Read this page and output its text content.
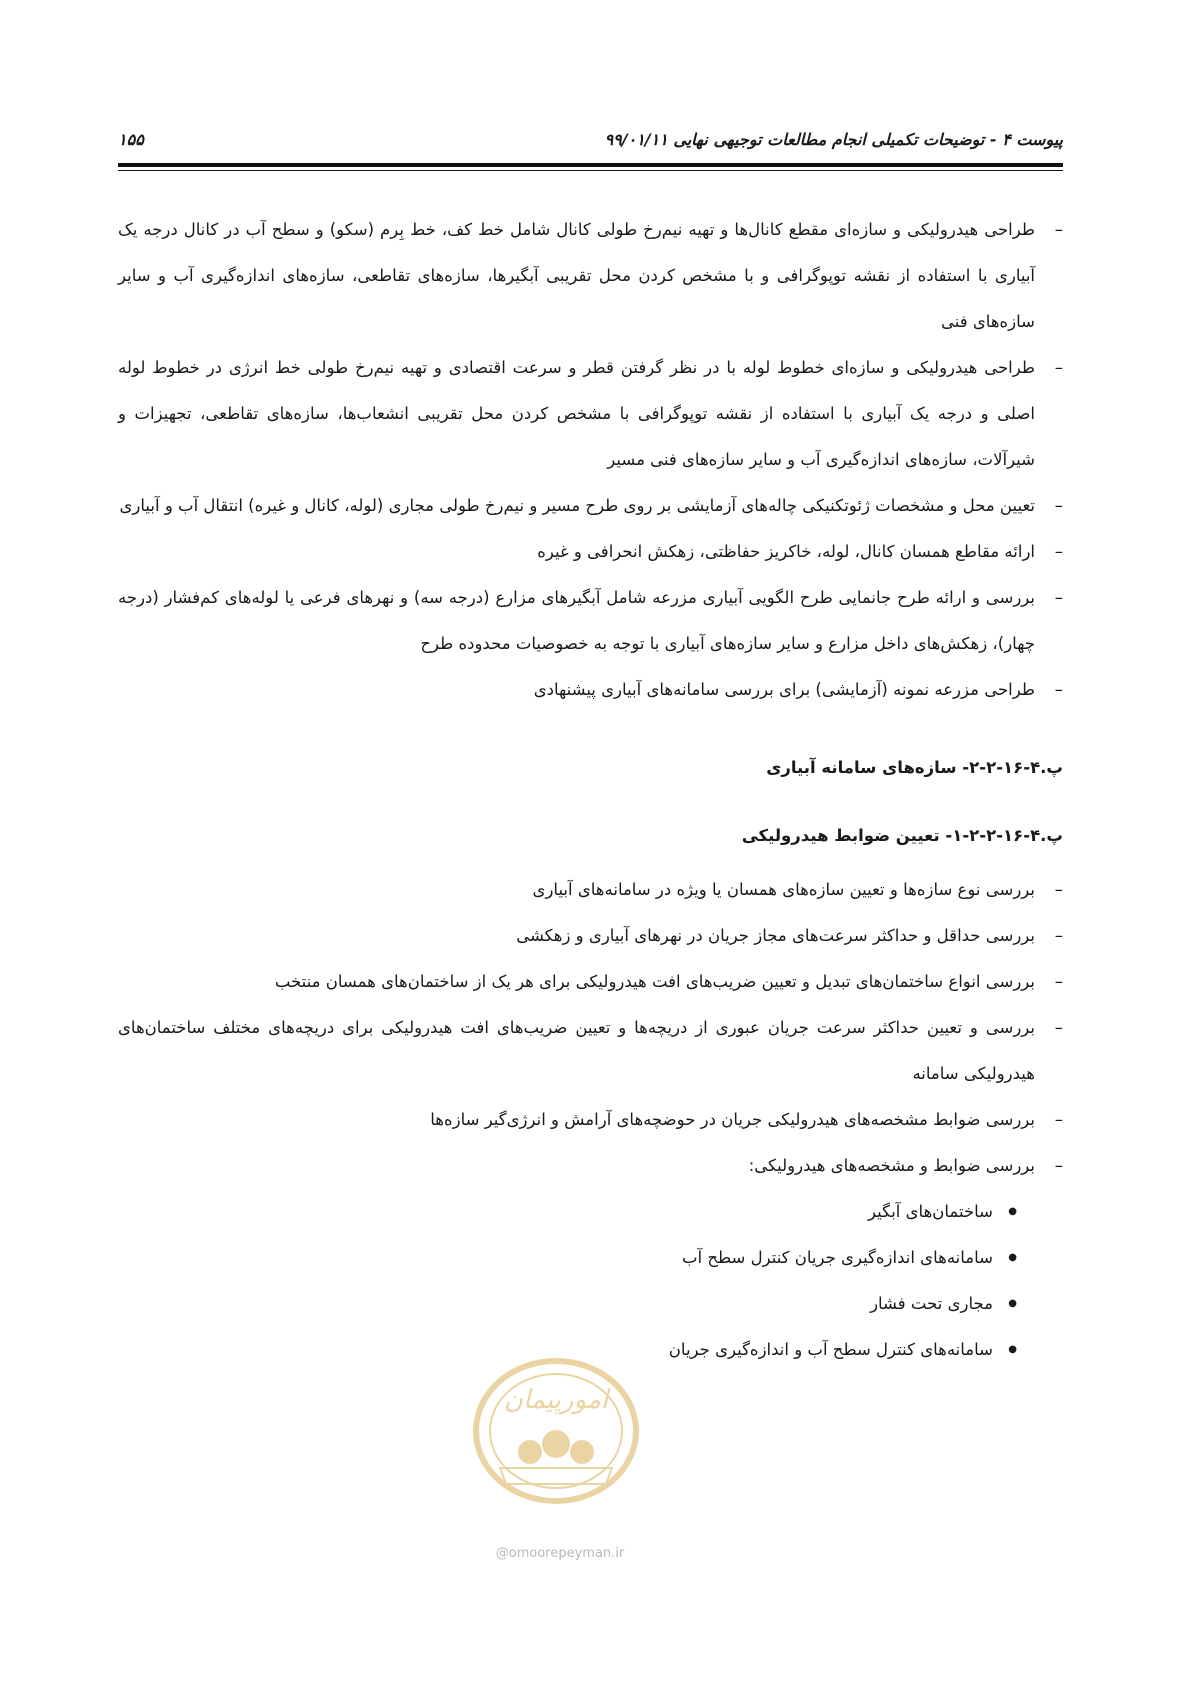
پیوست ۴ - توضیحات تکمیلی انجام مطالعات توجیهی نهایی ۹۹/۰۱/۱۱
۱۵۵
– طراحی هیدرولیکی و سازه‌ای مقطع کانال‌ها و تهیه نیم‌رخ طولی کانال شامل خط کف، خط بِرم (سکو) و سطح آب در کانال درجه یک آبیاری با استفاده از نقشه توپوگرافی و با مشخص کردن محل تقریبی آبگیرها، سازه‌های تقاطعی، سازه‌های اندازه‌گیری آب و سایر سازه‌های فنی
– طراحی هیدرولیکی و سازه‌ای خطوط لوله با در نظر گرفتن قطر و سرعت اقتصادی و تهیه نیم‌رخ طولی خط انرژی در خطوط لوله اصلی و درجه یک آبیاری با استفاده از نقشه توپوگرافی با مشخص کردن محل تقریبی انشعاب‌ها، سازه‌های تقاطعی، تجهیزات و شیرآلات، سازه‌های اندازه‌گیری آب و سایر سازه‌های فنی مسیر
– تعیین محل و مشخصات ژئوتکنیکی چاله‌های آزمایشی بر روی طرح مسیر و نیم‌رخ طولی مجاری (لوله، کانال و غیره) انتقال آب و آبیاری
– ارائه مقاطع همسان کانال، لوله، خاکریز حفاظتی، زهکش انحرافی و غیره
– بررسی و ارائه طرح جانمایی طرح الگویی آبیاری مزرعه شامل آبگیرهای مزارع (درجه سه) و نهرهای فرعی یا لوله‌های کم‌فشار (درجه چهار)، زهکش‌های داخل مزارع و سایر سازه‌های آبیاری با توجه به خصوصیات محدوده طرح
– طراحی مزرعه نمونه (آزمایشی) برای بررسی سامانه‌های آبیاری پیشنهادی

پ.۴-۱۶-۲-۲- سازه‌های سامانه آبیاری

پ.۴-۱۶-۲-۲-۱- تعیین ضوابط هیدرولیکی

– بررسی نوع سازه‌ها و تعیین سازه‌های همسان یا ویژه در سامانه‌های آبیاری
– بررسی حداقل و حداکثر سرعت‌های مجاز جریان در نهرهای آبیاری و زهکشی
– بررسی انواع ساختمان‌های تبدیل و تعیین ضریب‌های افت هیدرولیکی برای هر یک از ساختمان‌های همسان منتخب
– بررسی و تعیین حداکثر سرعت جریان عبوری از دریچه‌ها و تعیین ضریب‌های افت هیدرولیکی برای دریچه‌های مختلف ساختمان‌های هیدرولیکی سامانه
– بررسی ضوابط مشخصه‌های هیدرولیکی جریان در حوضچه‌های آرامش و انرژی‌گیر سازه‌ها
– بررسی ضوابط و مشخصه‌های هیدرولیکی:
● ساختمان‌های آبگیر
● سامانه‌های اندازه‌گیری جریان کنترل سطح آب
● مجاری تحت فشار
● سامانه‌های کنترل سطح آب و اندازه‌گیری جریان
امورپیمان
@omoorepeyman.ir
